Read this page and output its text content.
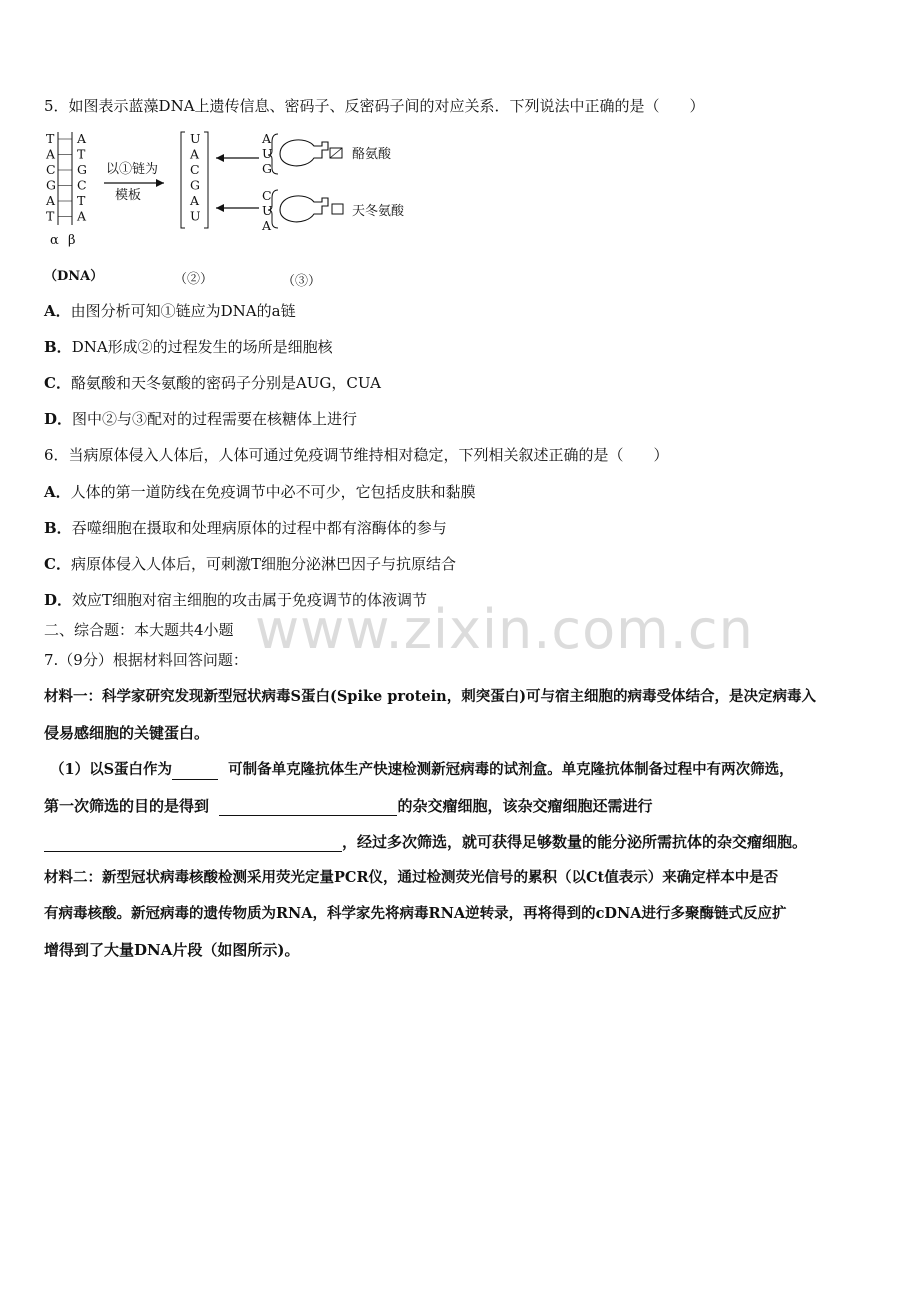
www.zixin.com.cn
5．如图表示蓝藻DNA上遗传信息、密码子、反密码子间的对应关系．下列说法中正确的是（　　）
T
A
C
G
A
T
A
T
G
C
T
A
α β
以①链为
模板
U
A
C
G
A
U
A
U
G
酪氨酸
C
U
A
天冬氨酸
（DNA）	（②）	（③）
A．由图分析可知①链应为DNA的a链
B．DNA形成②的过程发生的场所是细胞核
C．酪氨酸和天冬氨酸的密码子分别是AUG，CUA
D．图中②与③配对的过程需要在核糖体上进行
6．当病原体侵入人体后，人体可通过免疫调节维持相对稳定，下列相关叙述正确的是（　　）
A．人体的第一道防线在免疫调节中必不可少，它包括皮肤和黏膜
B．吞噬细胞在摄取和处理病原体的过程中都有溶酶体的参与
C．病原体侵入人体后，可刺激T细胞分泌淋巴因子与抗原结合
D．效应T细胞对宿主细胞的攻击属于免疫调节的体液调节
二、综合题：本大题共4小题
7.（9分）根据材料回答问题：
材料一：科学家研究发现新型冠状病毒S蛋白(Spike protein，刺突蛋白)可与宿主细胞的病毒受体结合，是决定病毒入
侵易感细胞的关键蛋白。
（1）以S蛋白作为	可制备单克隆抗体生产快速检测新冠病毒的试剂盒。单克隆抗体制备过程中有两次筛选，
第一次筛选的目的是得到	的杂交瘤细胞，该杂交瘤细胞还需进行
，经过多次筛选，就可获得足够数量的能分泌所需抗体的杂交瘤细胞。
材料二：新型冠状病毒核酸检测采用荧光定量PCR仪，通过检测荧光信号的累积（以Ct值表示）来确定样本中是否
有病毒核酸。新冠病毒的遗传物质为RNA，科学家先将病毒RNA逆转录，再将得到的cDNA进行多聚酶链式反应扩
增得到了大量DNA片段（如图所示)。
